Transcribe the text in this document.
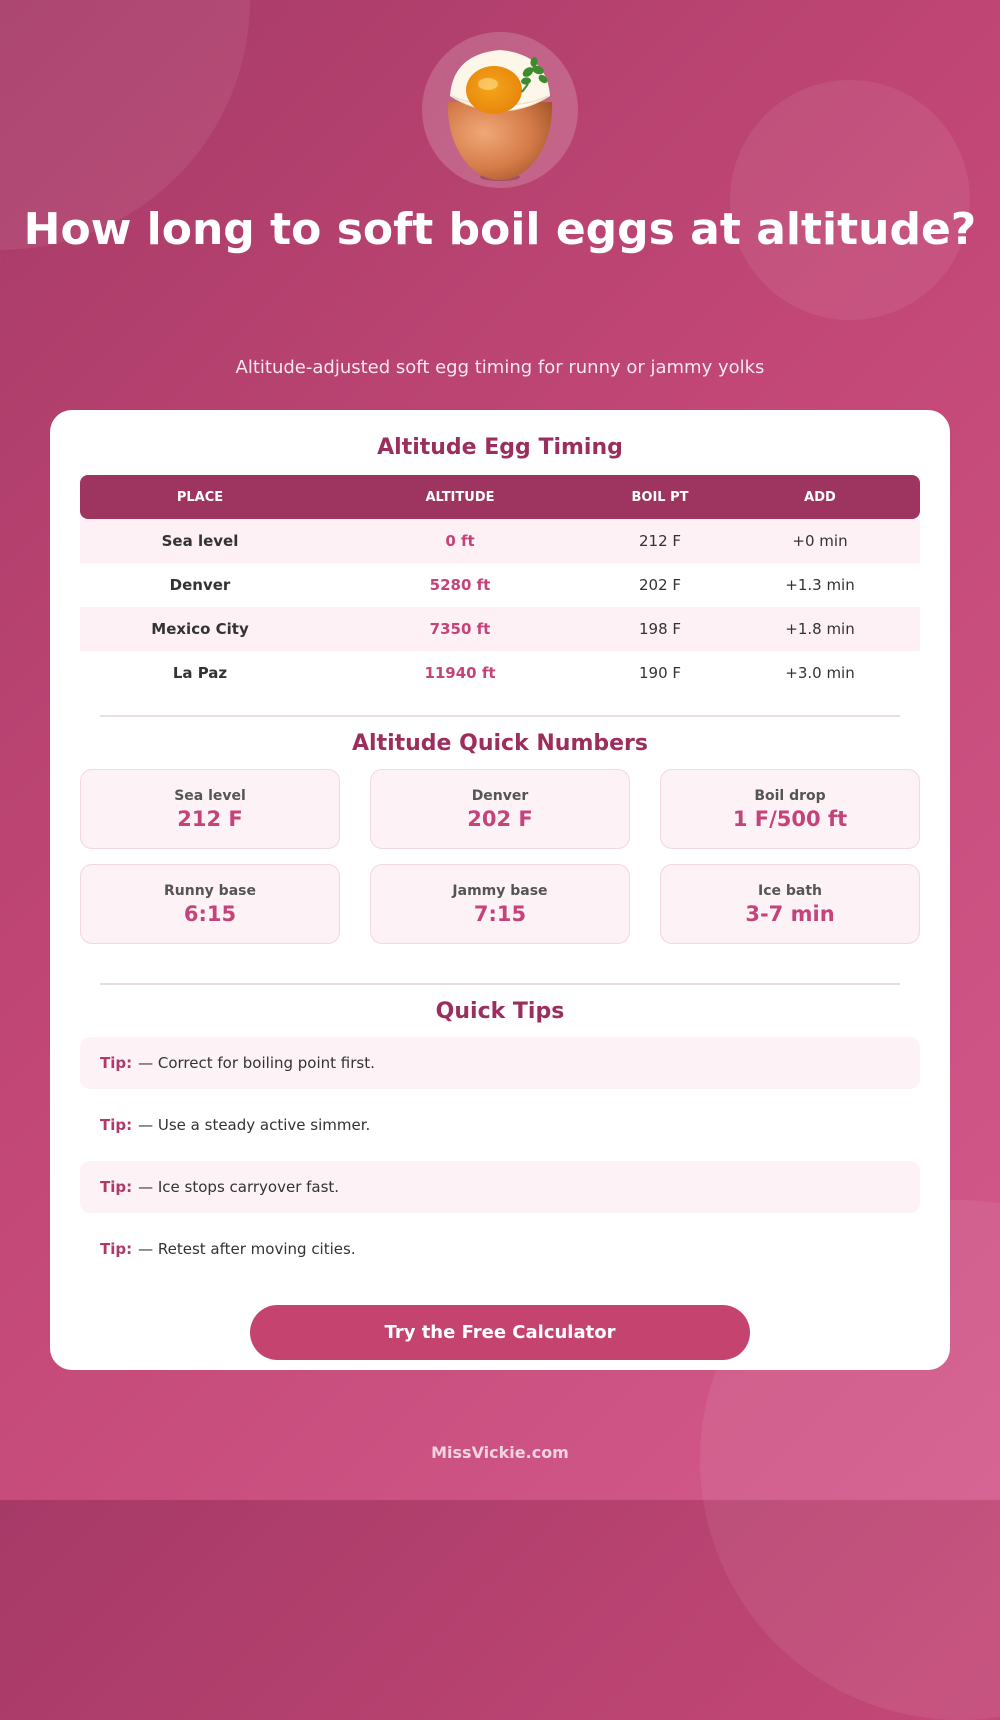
How long to soft boil eggs at altitude?

Altitude-adjusted soft egg timing for runny or jammy yolks

Altitude Egg Timing
PLACE	ALTITUDE	BOIL PT	ADD
Sea level	0 ft	212 F	+0 min
Denver	5280 ft	202 F	+1.3 min
Mexico City	7350 ft	198 F	+1.8 min
La Paz	11940 ft	190 F	+3.0 min
Altitude Quick Numbers
Sea level
212 F
Denver
202 F
Boil drop
1 F/500 ft
Runny base
6:15
Jammy base
7:15
Ice bath
3-7 min
Quick Tips
Tip: — Correct for boiling point first.
Tip: — Use a steady active simmer.
Tip: — Ice stops carryover fast.
Tip: — Retest after moving cities.
Try the Free Calculator
MissVickie.com
